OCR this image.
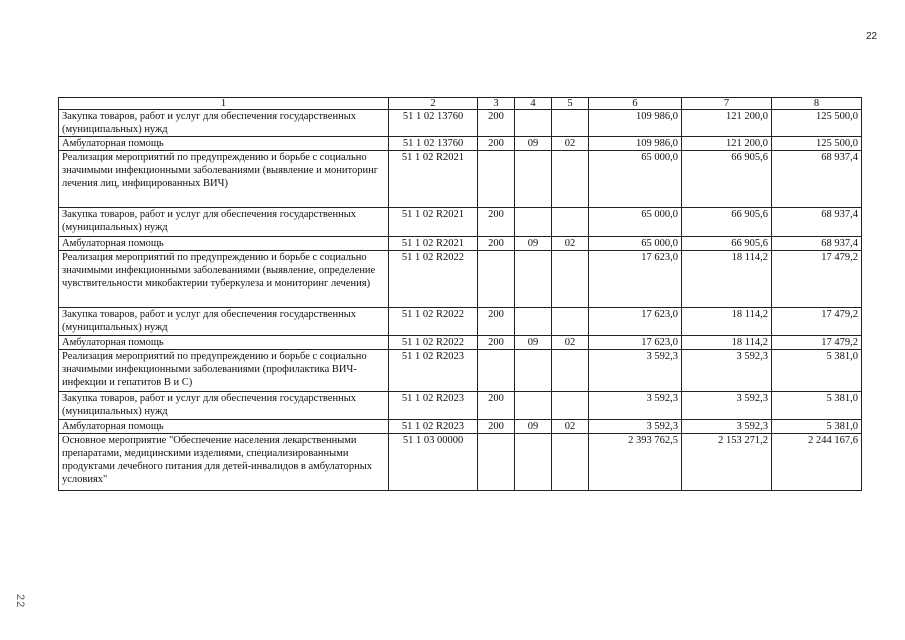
22
1	2	3	4	5	6	7	8
Закупка товаров, работ и услуг для обеспечения государственных (муниципальных) нужд	51 1 02 13760	200			109 986,0	121 200,0	125 500,0
Амбулаторная помощь	51 1 02 13760	200	09	02	109 986,0	121 200,0	125 500,0
Реализация мероприятий по предупреждению и борьбе с социально значимыми инфекционными заболеваниями (выявление и мониторинг лечения лиц, инфицированных ВИЧ)	51 1 02 R2021				65 000,0	66 905,6	68 937,4
Закупка товаров, работ и услуг для обеспечения государственных (муниципальных) нужд	51 1 02 R2021	200			65 000,0	66 905,6	68 937,4
Амбулаторная помощь	51 1 02 R2021	200	09	02	65 000,0	66 905,6	68 937,4
Реализация мероприятий по предупреждению и борьбе с социально значимыми инфекционными заболеваниями (выявление, определение чувствительности микобактерии туберкулеза и мониторинг лечения)	51 1 02 R2022				17 623,0	18 114,2	17 479,2
Закупка товаров, работ и услуг для обеспечения государственных (муниципальных) нужд	51 1 02 R2022	200			17 623,0	18 114,2	17 479,2
Амбулаторная помощь	51 1 02 R2022	200	09	02	17 623,0	18 114,2	17 479,2
Реализация мероприятий по предупреждению и борьбе с социально значимыми инфекционными заболеваниями (профилактика ВИЧ-инфекции и гепатитов В и С)	51 1 02 R2023				3 592,3	3 592,3	5 381,0
Закупка товаров, работ и услуг для обеспечения государственных (муниципальных) нужд	51 1 02 R2023	200			3 592,3	3 592,3	5 381,0
Амбулаторная помощь	51 1 02 R2023	200	09	02	3 592,3	3 592,3	5 381,0
Основное мероприятие "Обеспечение населения лекарственными препаратами, медицинскими изделиями, специализированными продуктами лечебного питания для детей-инвалидов в амбулаторных условиях"	51 1 03 00000				2 393 762,5	2 153 271,2	2 244 167,6
22
